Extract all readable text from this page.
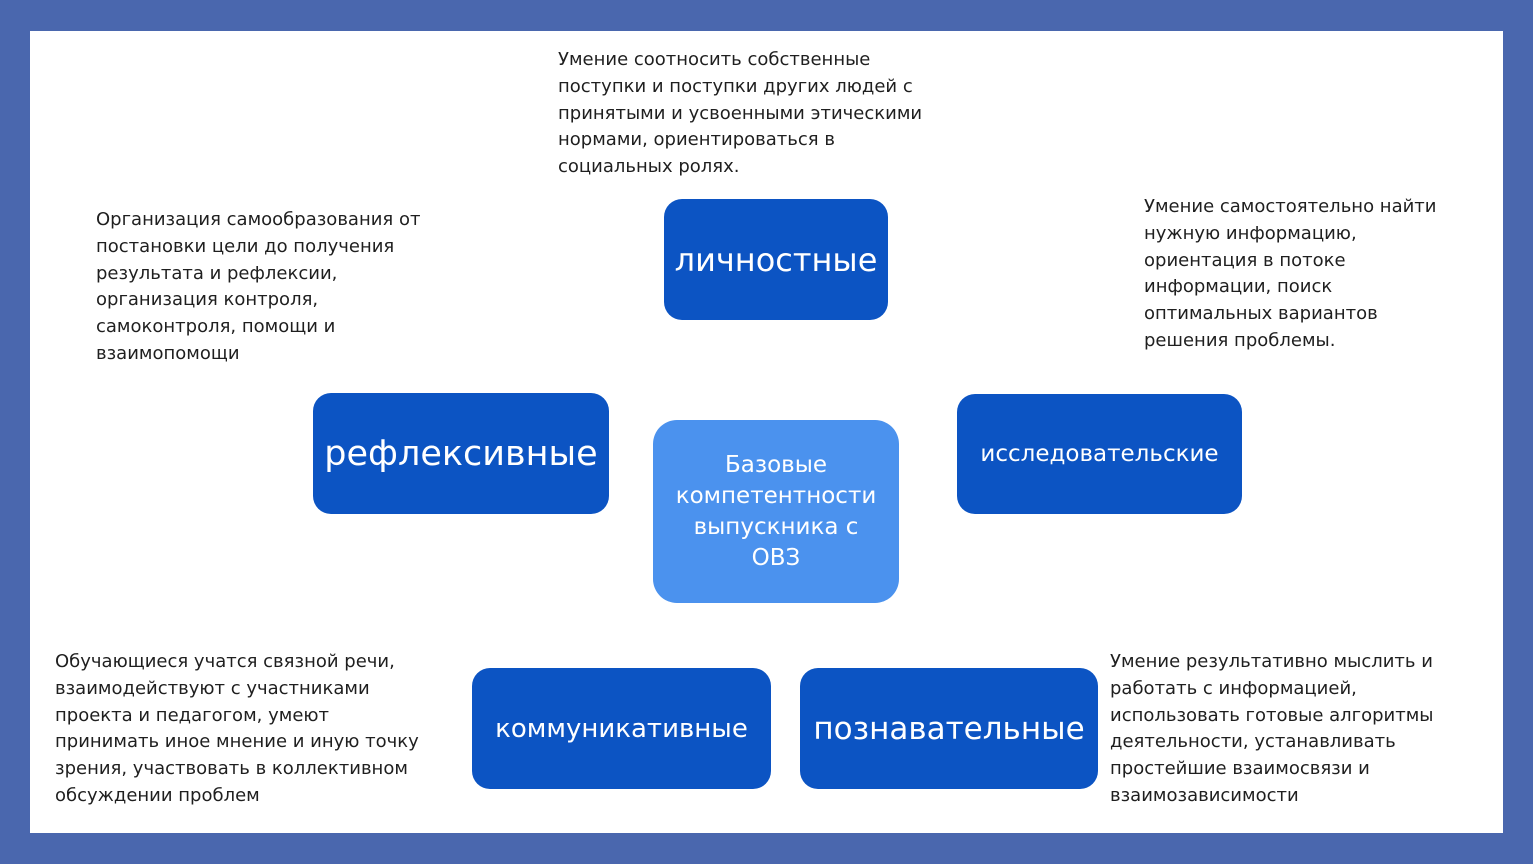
Базовые компетентности выпускника с ОВЗ
личностные
рефлексивные	исследовательские
коммуникативные познавательные

Умение соотносить собственные поступки и поступки других людей с принятыми и усвоенными этическими нормами, ориентироваться в социальных ролях.

Организация самообразования от постановки цели до получения результата и рефлексии, организация контроля, самоконтроля, помощи и взаимопомощи

Умение самостоятельно найти нужную информацию, ориентация в потоке информации, поиск оптимальных вариантов решения проблемы.

Обучающиеся учатся связной речи, взаимодействуют с участниками проекта и педагогом, умеют принимать иное мнение и иную точку зрения, участвовать в коллективном обсуждении проблем

Умение результативно мыслить и работать с информацией, использовать готовые алгоритмы деятельности, устанавливать простейшие взаимосвязи и взаимозависимости
